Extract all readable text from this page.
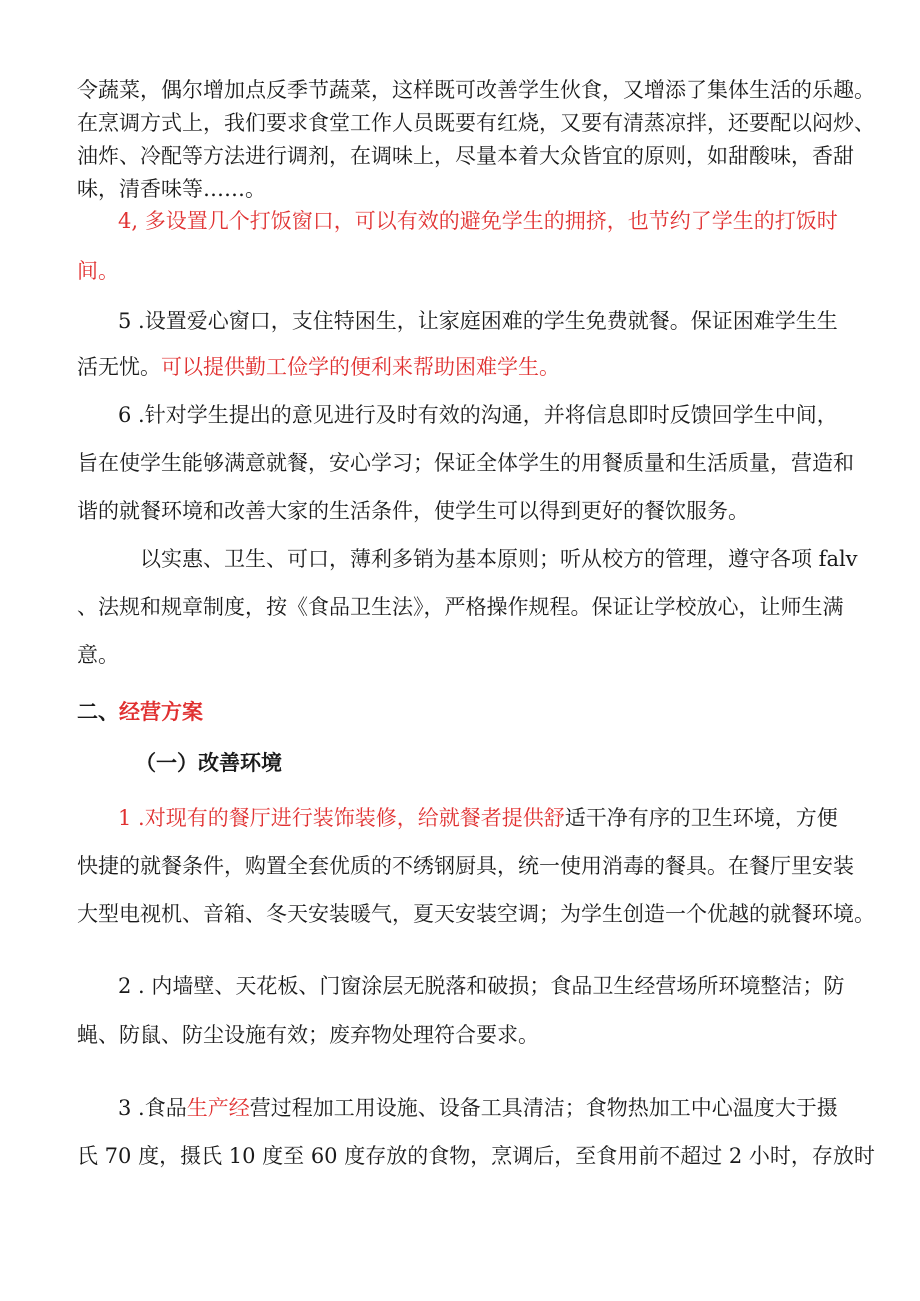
令蔬菜，偶尔增加点反季节蔬菜，这样既可改善学生伙食，又增添了集体生活的乐趣。
在烹调方式上，我们要求食堂工作人员既要有红烧，又要有清蒸凉拌，还要配以闷炒、
油炸、冷配等方法进行调剂，在调味上，尽量本着大众皆宜的原则，如甜酸味，香甜
味，清香味等……。
4, 多设置几个打饭窗口，可以有效的避免学生的拥挤，也节约了学生的打饭时
间。
5 .设置爱心窗口，支住特困生，让家庭困难的学生免费就餐。保证困难学生生
活无忧。可以提供勤工俭学的便利来帮助困难学生。
6 .针对学生提出的意见进行及时有效的沟通，并将信息即时反馈回学生中间，
旨在使学生能够满意就餐，安心学习；保证全体学生的用餐质量和生活质量，营造和
谐的就餐环境和改善大家的生活条件，使学生可以得到更好的餐饮服务。
以实惠、卫生、可口，薄利多销为基本原则；听从校方的管理，遵守各项 falv
、法规和规章制度，按《食品卫生法》，严格操作规程。保证让学校放心，让师生满
意。
二、经营方案
（一）改善环境
1 .对现有的餐厅进行装饰装修，给就餐者提供舒适干净有序的卫生环境，方便
快捷的就餐条件，购置全套优质的不绣钢厨具，统一使用消毒的餐具。在餐厅里安装
大型电视机、音箱、冬天安装暖气，夏天安装空调；为学生创造一个优越的就餐环境。
2 . 内墙壁、天花板、门窗涂层无脱落和破损；食品卫生经营场所环境整洁；防
蝇、防鼠、防尘设施有效；废弃物处理符合要求。
3 .食品生产经营过程加工用设施、设备工具清洁；食物热加工中心温度大于摄
氏 70 度，摄氏 10 度至 60 度存放的食物，烹调后，至食用前不超过 2 小时，存放时
